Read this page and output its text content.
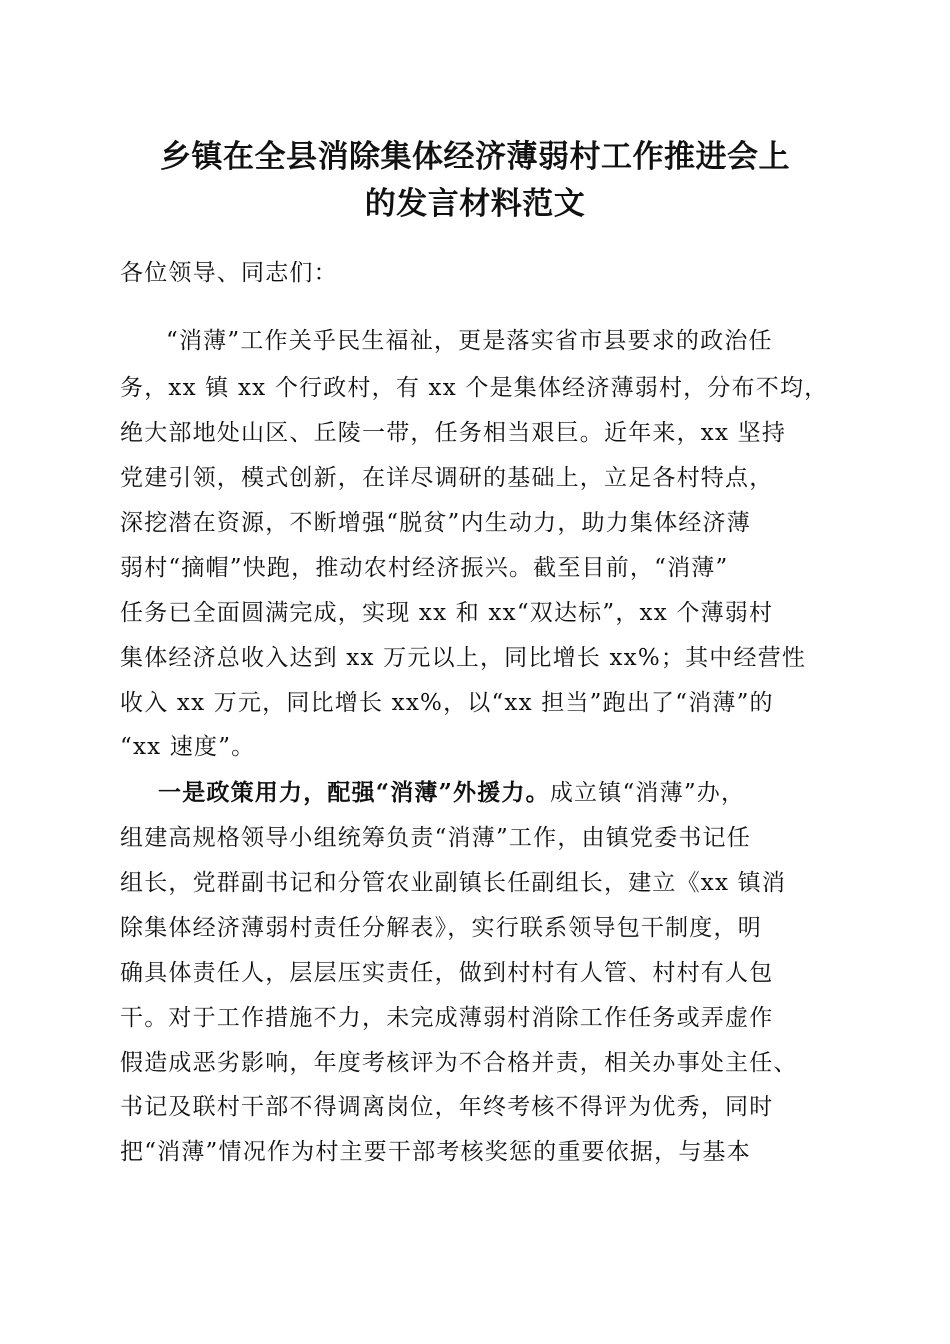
乡镇在全县消除集体经济薄弱村工作推进会上
的发言材料范文
各位领导、同志们：
“消薄”工作关乎民生福祉，更是落实省市县要求的政治任
务，xx 镇 xx 个行政村，有 xx 个是集体经济薄弱村，分布不均，
绝大部地处山区、丘陵一带，任务相当艰巨。近年来，xx 坚持
党建引领，模式创新，在详尽调研的基础上，立足各村特点，
深挖潜在资源，不断增强“脱贫”内生动力，助力集体经济薄
弱村“摘帽”快跑，推动农村经济振兴。截至目前，“消薄”
任务已全面圆满完成，实现 xx 和 xx“双达标”，xx 个薄弱村
集体经济总收入达到 xx 万元以上，同比增长 xx%；其中经营性
收入 xx 万元，同比增长 xx%，以“xx 担当”跑出了“消薄”的
“xx 速度”。
一是政策用力，配强“消薄”外援力。成立镇“消薄”办，
组建高规格领导小组统筹负责“消薄”工作，由镇党委书记任
组长，党群副书记和分管农业副镇长任副组长，建立《xx 镇消
除集体经济薄弱村责任分解表》，实行联系领导包干制度，明
确具体责任人，层层压实责任，做到村村有人管、村村有人包
干。对于工作措施不力，未完成薄弱村消除工作任务或弄虚作
假造成恶劣影响，年度考核评为不合格并责，相关办事处主任、
书记及联村干部不得调离岗位，年终考核不得评为优秀，同时
把“消薄”情况作为村主要干部考核奖惩的重要依据，与基本
